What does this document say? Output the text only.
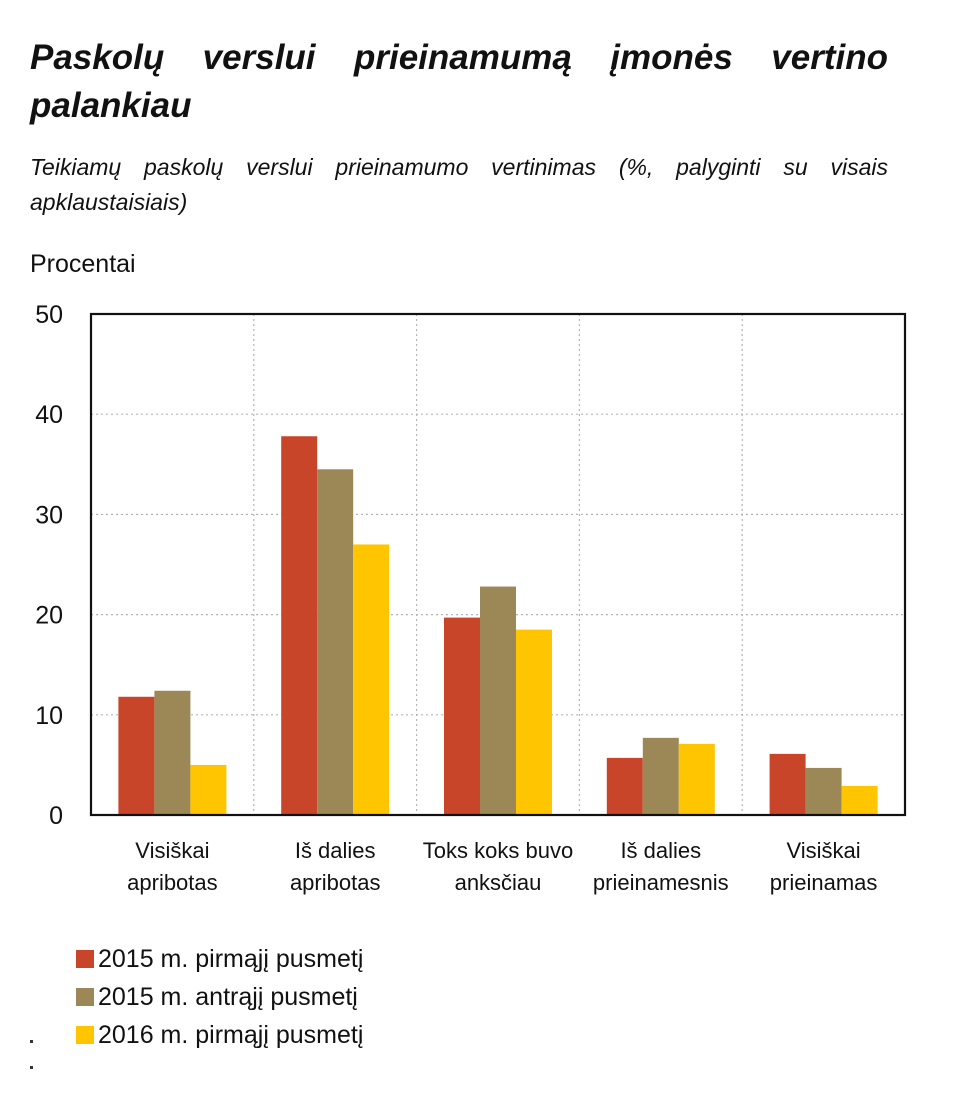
Paskolų verslui prieinamumą įmonės vertino palankiau

Teikiamų paskolų verslui prieinamumo vertinimas (%, palyginti su visais apklaustaisiais)

Procentai
0
10
20
30
40
50
Visiškai apribotas
Iš dalies apribotas
Toks koks buvo anksčiau
Iš dalies prieinamesnis
Visiškai prieinamas
2015 m. pirmąjį pusmetį
2015 m. antrąjį pusmetį
2016 m. pirmąjį pusmetį
